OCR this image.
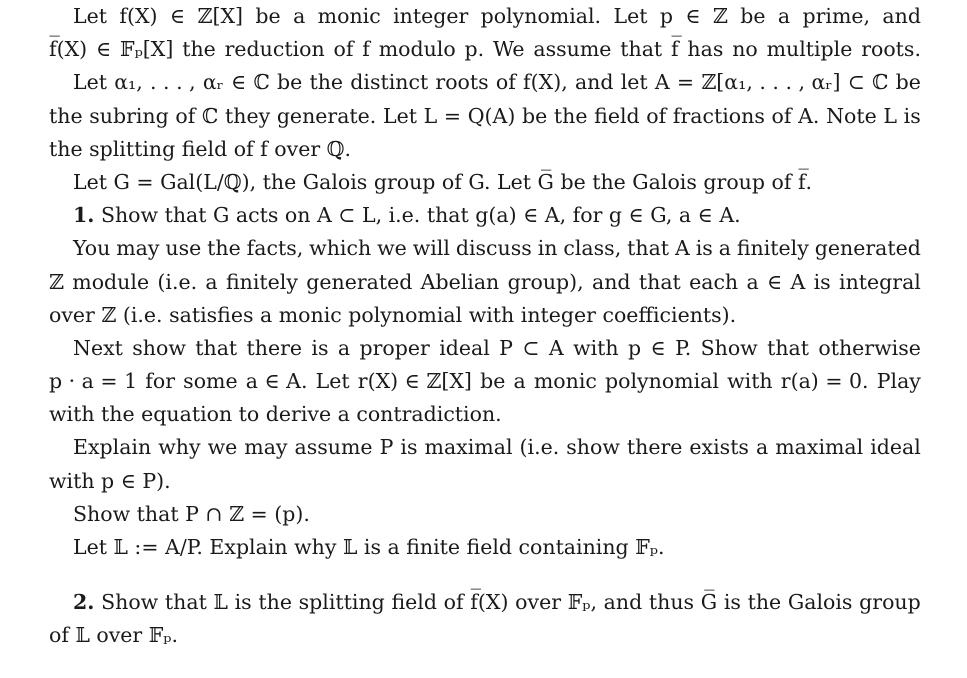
Let f(X) ∈ ℤ[X] be a monic integer polynomial. Let p ∈ ℤ be a prime, and
f̅(X) ∈ 𝔽ₚ[X] the reduction of f modulo p. We assume that f̅ has no multiple roots.
Let α₁, . . . , αᵣ ∈ ℂ be the distinct roots of f(X), and let A = ℤ[α₁, . . . , αᵣ] ⊂ ℂ be
the subring of ℂ they generate. Let L = Q(A) be the field of fractions of A. Note L is
the splitting field of f over ℚ.
Let G = Gal(L/ℚ), the Galois group of G. Let G̅ be the Galois group of f̅.
1. Show that G acts on A ⊂ L, i.e. that g(a) ∈ A, for g ∈ G, a ∈ A.
You may use the facts, which we will discuss in class, that A is a finitely generated
ℤ module (i.e. a finitely generated Abelian group), and that each a ∈ A is integral
over ℤ (i.e. satisfies a monic polynomial with integer coefficients).
Next show that there is a proper ideal P ⊂ A with p ∈ P. Show that otherwise
p · a = 1 for some a ∈ A. Let r(X) ∈ ℤ[X] be a monic polynomial with r(a) = 0. Play
with the equation to derive a contradiction.
Explain why we may assume P is maximal (i.e. show there exists a maximal ideal
with p ∈ P).
Show that P ∩ ℤ = (p).
Let 𝕃 := A/P. Explain why 𝕃 is a finite field containing 𝔽ₚ.
2. Show that 𝕃 is the splitting field of f̅(X) over 𝔽ₚ, and thus G̅ is the Galois group
of 𝕃 over 𝔽ₚ.
